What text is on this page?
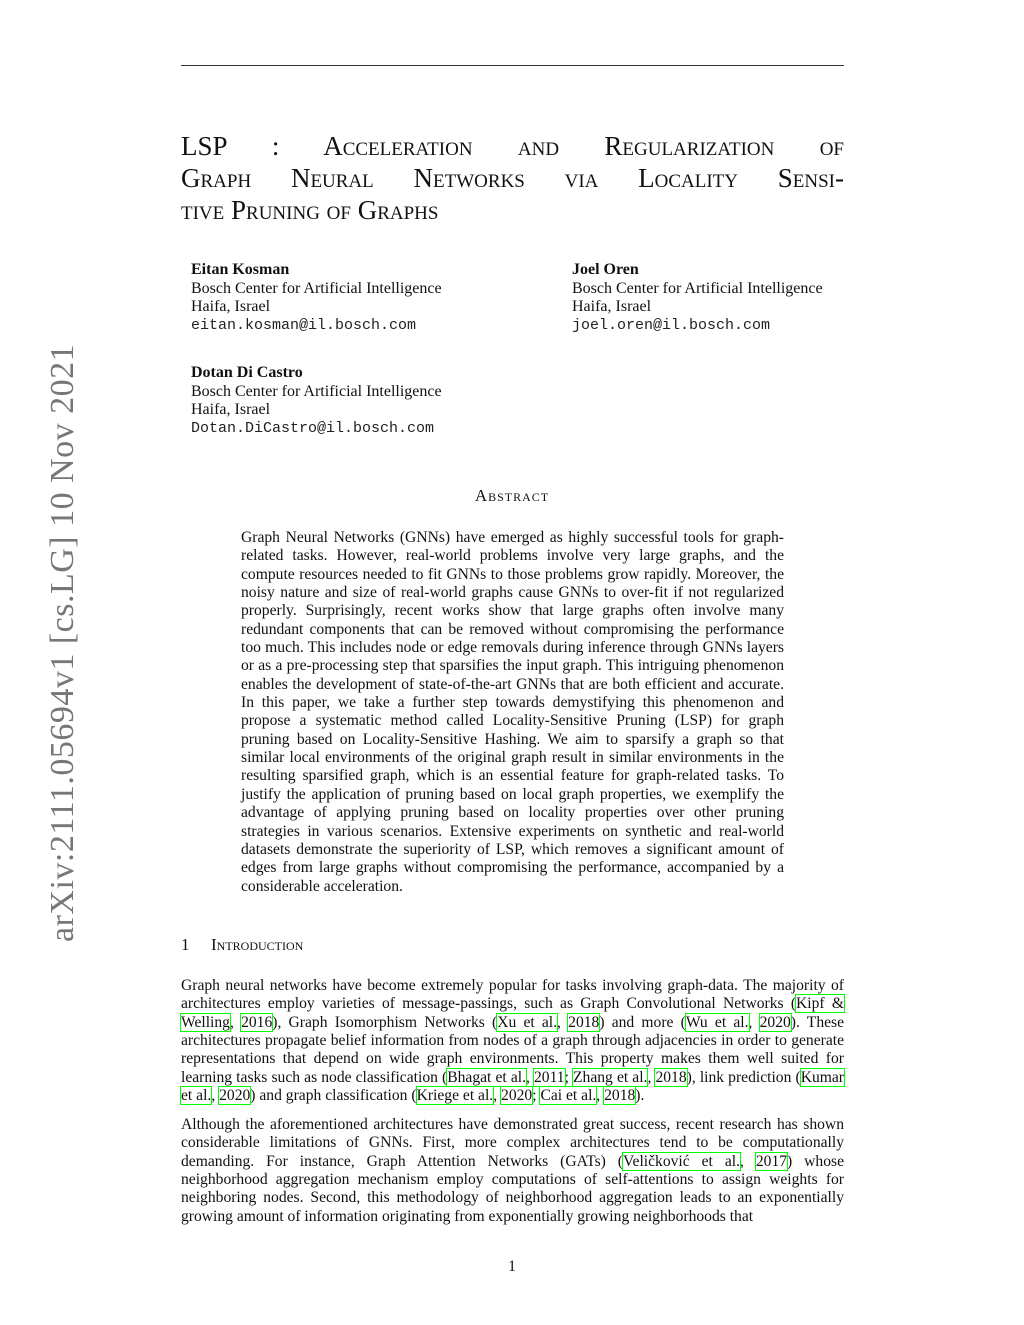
arXiv:2111.05694v1 [cs.LG] 10 Nov 2021
LSP : Acceleration and Regularization of
Graph Neural Networks via Locality Sensi-
tive Pruning of Graphs
Eitan Kosman
Bosch Center for Artificial Intelligence
Haifa, Israel
eitan.kosman@il.bosch.com
Joel Oren
Bosch Center for Artificial Intelligence
Haifa, Israel
joel.oren@il.bosch.com
Dotan Di Castro
Bosch Center for Artificial Intelligence
Haifa, Israel
Dotan.DiCastro@il.bosch.com
Abstract
Graph Neural Networks (GNNs) have emerged as highly successful tools for graph-related tasks. However, real-world problems involve very large graphs, and the compute resources needed to fit GNNs to those problems grow rapidly. Moreover, the noisy nature and size of real-world graphs cause GNNs to over-fit if not regularized properly. Surprisingly, recent works show that large graphs often involve many redundant components that can be removed without compromising the performance too much. This includes node or edge removals during inference through GNNs layers or as a pre-processing step that sparsifies the input graph. This intriguing phenomenon enables the development of state-of-the-art GNNs that are both efficient and accurate. In this paper, we take a further step towards demystifying this phenomenon and propose a systematic method called Locality-Sensitive Pruning (LSP) for graph pruning based on Locality-Sensitive Hashing. We aim to sparsify a graph so that similar local environments of the original graph result in similar environments in the resulting sparsified graph, which is an essential feature for graph-related tasks. To justify the application of pruning based on local graph properties, we exemplify the advantage of applying pruning based on locality properties over other pruning strategies in various scenarios. Extensive experiments on synthetic and real-world datasets demonstrate the superiority of LSP, which removes a significant amount of edges from large graphs without compromising the performance, accompanied by a considerable acceleration.
1 Introduction
Graph neural networks have become extremely popular for tasks involving graph-data. The majority of architectures employ varieties of message-passings, such as Graph Convolutional Networks (Kipf & Welling, 2016), Graph Isomorphism Networks (Xu et al., 2018) and more (Wu et al., 2020). These architectures propagate belief information from nodes of a graph through adjacencies in order to generate representations that depend on wide graph environments. This property makes them well suited for learning tasks such as node classification (Bhagat et al., 2011; Zhang et al., 2018), link prediction (Kumar et al., 2020) and graph classification (Kriege et al., 2020; Cai et al., 2018).
Although the aforementioned architectures have demonstrated great success, recent research has shown considerable limitations of GNNs. First, more complex architectures tend to be computationally demanding. For instance, Graph Attention Networks (GATs) (Veličković et al., 2017) whose neighborhood aggregation mechanism employ computations of self-attentions to assign weights for neighboring nodes. Second, this methodology of neighborhood aggregation leads to an exponentially growing amount of information originating from exponentially growing neighborhoods that
1
